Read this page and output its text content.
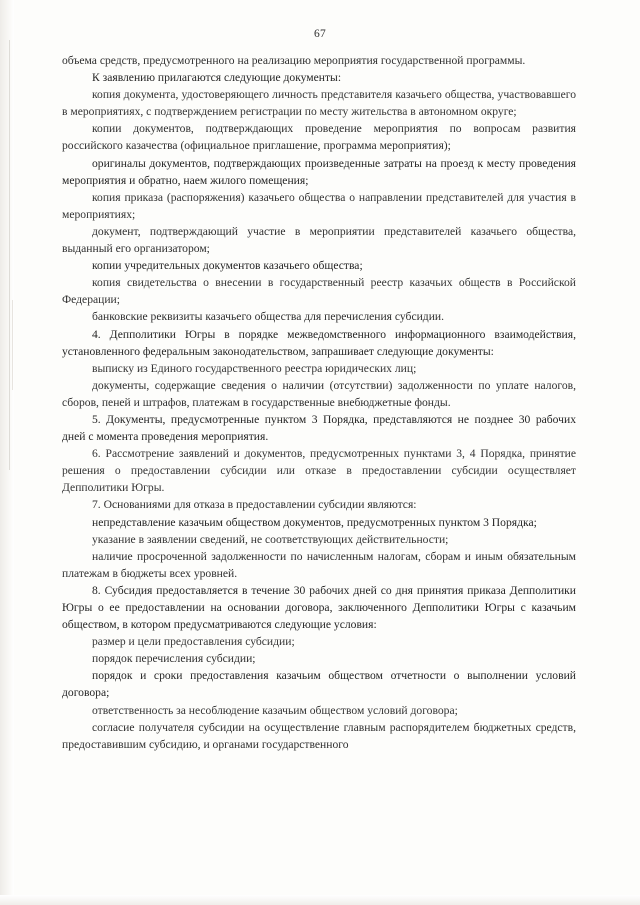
67

объема средств, предусмотренного на реализацию мероприятия государственной программы.

К заявлению прилагаются следующие документы:

копия документа, удостоверяющего личность представителя казачьего общества, участвовавшего в мероприятиях, с подтверждением регистрации по месту жительства в автономном округе;

копии документов, подтверждающих проведение мероприятия по вопросам развития российского казачества (официальное приглашение, программа мероприятия);

оригиналы документов, подтверждающих произведенные затраты на проезд к месту проведения мероприятия и обратно, наем жилого помещения;

копия приказа (распоряжения) казачьего общества о направлении представителей для участия в мероприятиях;

документ, подтверждающий участие в мероприятии представителей казачьего общества, выданный его организатором;

копии учредительных документов казачьего общества;

копия свидетельства о внесении в государственный реестр казачьих обществ в Российской Федерации;

банковские реквизиты казачьего общества для перечисления субсидии.

4. Депполитики Югры в порядке межведомственного информационного взаимодействия, установленного федеральным законодательством, запрашивает следующие документы:

выписку из Единого государственного реестра юридических лиц;

документы, содержащие сведения о наличии (отсутствии) задолженности по уплате налогов, сборов, пеней и штрафов, платежам в государственные внебюджетные фонды.

5. Документы, предусмотренные пунктом 3 Порядка, представляются не позднее 30 рабочих дней с момента проведения мероприятия.

6. Рассмотрение заявлений и документов, предусмотренных пунктами 3, 4 Порядка, принятие решения о предоставлении субсидии или отказе в предоставлении субсидии осуществляет Депполитики Югры.

7. Основаниями для отказа в предоставлении субсидии являются:

непредставление казачьим обществом документов, предусмотренных пунктом 3 Порядка;

указание в заявлении сведений, не соответствующих действительности;

наличие просроченной задолженности по начисленным налогам, сборам и иным обязательным платежам в бюджеты всех уровней.

8. Субсидия предоставляется в течение 30 рабочих дней со дня принятия приказа Депполитики Югры о ее предоставлении на основании договора, заключенного Депполитики Югры с казачьим обществом, в котором предусматриваются следующие условия:

размер и цели предоставления субсидии;

порядок перечисления субсидии;

порядок и сроки предоставления казачьим обществом отчетности о выполнении условий договора;

ответственность за несоблюдение казачьим обществом условий договора;

согласие получателя субсидии на осуществление главным распорядителем бюджетных средств, предоставившим субсидию, и органами государственного
